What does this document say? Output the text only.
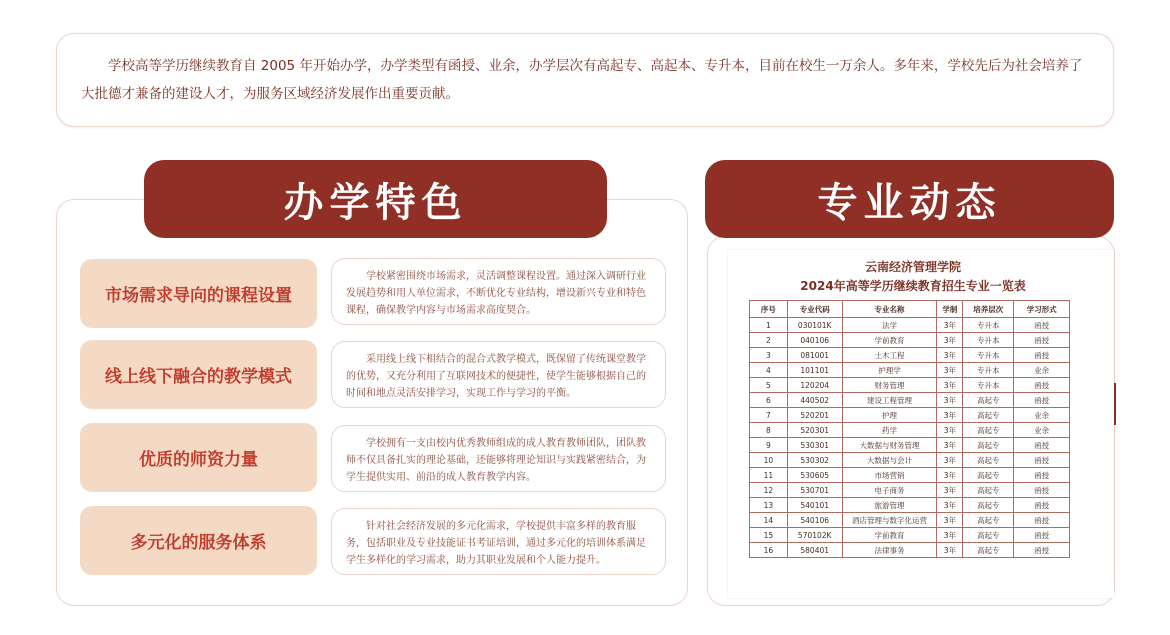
学校高等学历继续教育自 2005 年开始办学，办学类型有函授、业余，办学层次有高起专、高起本、专升本，目前在校生一万余人。多年来，学校先后为社会培养了大批德才兼备的建设人才，为服务区域经济发展作出重要贡献。

办学特色	专业动态
市场需求导向的课程设置
学校紧密围绕市场需求，灵活调整课程设置。通过深入调研行业发展趋势和用人单位需求，不断优化专业结构，增设新兴专业和特色课程，确保教学内容与市场需求高度契合。
线上线下融合的教学模式
采用线上线下相结合的混合式教学模式，既保留了传统课堂教学的优势，又充分利用了互联网技术的便捷性，使学生能够根据自己的时间和地点灵活安排学习，实现工作与学习的平衡。
优质的师资力量
学校拥有一支由校内优秀教师组成的成人教育教师团队，团队教师不仅具备扎实的理论基础，还能够将理论知识与实践紧密结合，为学生提供实用、前沿的成人教育教学内容。
多元化的服务体系
针对社会经济发展的多元化需求，学校提供丰富多样的教育服务，包括职业及专业技能证书考证培训，通过多元化的培训体系满足学生多样化的学习需求，助力其职业发展和个人能力提升。
云南经济管理学院
2024年高等学历继续教育招生专业一览表
序号	专业代码	专业名称	学制	培养层次	学习形式
1	030101K	法学	3年	专升本	函授
2	040106	学前教育	3年	专升本	函授
3	081001	土木工程	3年	专升本	函授
4	101101	护理学	3年	专升本	业余
5	120204	财务管理	3年	专升本	函授
6	440502	建设工程管理	3年	高起专	函授
7	520201	护理	3年	高起专	业余
8	520301	药学	3年	高起专	业余
9	530301	大数据与财务管理	3年	高起专	函授
10	530302	大数据与会计	3年	高起专	函授
11	530605	市场营销	3年	高起专	函授
12	530701	电子商务	3年	高起专	函授
13	540101	旅游管理	3年	高起专	函授
14	540106	酒店管理与数字化运营	3年	高起专	函授
15	570102K	学前教育	3年	高起专	函授
16	580401	法律事务	3年	高起专	函授
